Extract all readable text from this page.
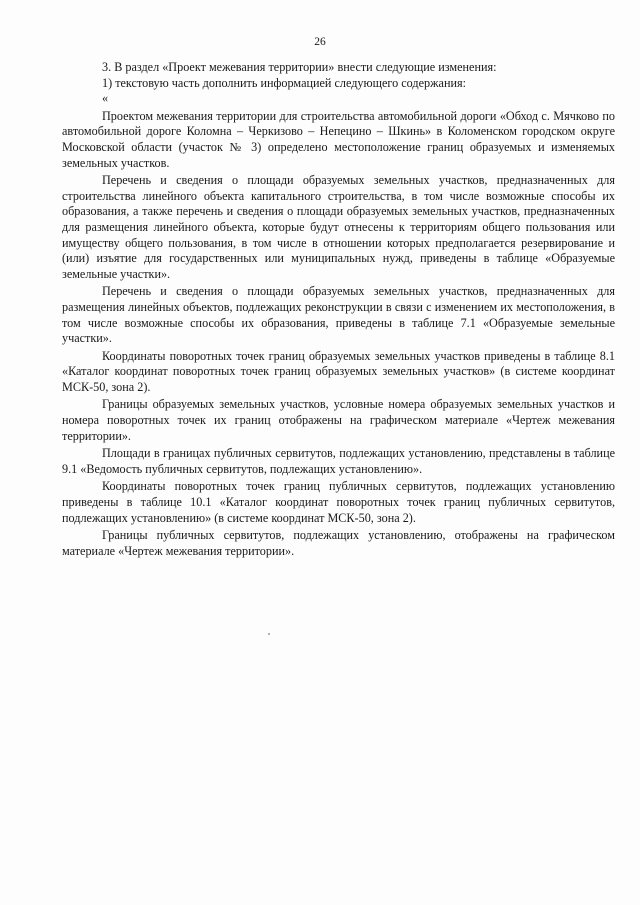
26

3. В раздел «Проект межевания территории» внести следующие изменения:

1) текстовую часть дополнить информацией следующего содержания:

«

Проектом межевания территории для строительства автомобильной дороги «Обход с. Мячково по автомобильной дороге Коломна – Черкизово – Непецино – Шкинь» в Коломенском городском округе Московской области (участок № 3) определено местоположение границ образуемых и изменяемых земельных участков.

Перечень и сведения о площади образуемых земельных участков, предназначенных для строительства линейного объекта капитального строительства, в том числе возможные способы их образования, а также перечень и сведения о площади образуемых земельных участков, предназначенных для размещения линейного объекта, которые будут отнесены к территориям общего пользования или имуществу общего пользования, в том числе в отношении которых предполагается резервирование и (или) изъятие для государственных или муниципальных нужд, приведены в таблице «Образуемые земельные участки».

Перечень и сведения о площади образуемых земельных участков, предназначенных для размещения линейных объектов, подлежащих реконструкции в связи с изменением их местоположения, в том числе возможные способы их образования, приведены в таблице 7.1 «Образуемые земельные участки».

Координаты поворотных точек границ образуемых земельных участков приведены в таблице 8.1 «Каталог координат поворотных точек границ образуемых земельных участков» (в системе координат МСК-50, зона 2).

Границы образуемых земельных участков, условные номера образуемых земельных участков и номера поворотных точек их границ отображены на графическом материале «Чертеж межевания территории».

Площади в границах публичных сервитутов, подлежащих установлению, представлены в таблице 9.1 «Ведомость публичных сервитутов, подлежащих установлению».

Координаты поворотных точек границ публичных сервитутов, подлежащих установлению приведены в таблице 10.1 «Каталог координат поворотных точек границ публичных сервитутов, подлежащих установлению» (в системе координат МСК-50, зона 2).

Границы публичных сервитутов, подлежащих установлению, отображены на графическом материале «Чертеж межевания территории».
